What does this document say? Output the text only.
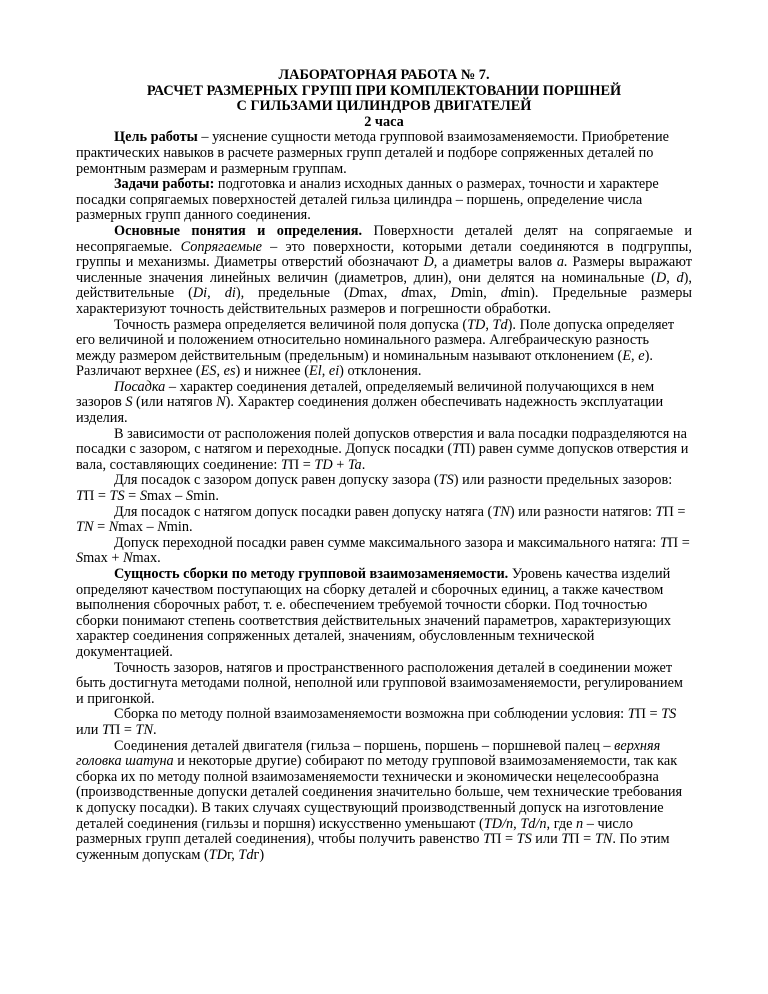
ЛАБОРАТОРНАЯ РАБОТА № 7.
РАСЧЕТ РАЗМЕРНЫХ ГРУПП ПРИ КОМПЛЕКТОВАНИИ ПОРШНЕЙ
С ГИЛЬЗАМИ ЦИЛИНДРОВ ДВИГАТЕЛЕЙ
2 часа

Цель работы – уяснение сущности метода групповой взаимозаменяемости. Приобретение практических навыков в расчете размерных групп деталей и подборе сопряженных деталей по ремонтным размерам и размерным группам.

Задачи работы: подготовка и анализ исходных данных о размерах, точности и характере посадки сопрягаемых поверхностей деталей гильза цилиндра – поршень, определение числа размерных групп данного соединения.

Основные понятия и определения. Поверхности деталей делят на сопрягаемые и несопрягаемые. Сопрягаемые – это поверхности, которыми детали соединяются в подгруппы, группы и механизмы. Диаметры отверстий обозначают D, а диаметры валов a. Размеры выражают численные значения линейных величин (диаметров, длин), они делятся на номинальные (D, d), действительные (Di, di), предельные (Dmax, dmax, Dmin, dmin). Предельные размеры характеризуют точность действительных размеров и погрешности обработки.

Точность размера определяется величиной поля допуска (TD, Td). Поле допуска определяет его величиной и положением относительно номинального размера. Алгебраическую разность между размером действительным (предельным) и номинальным называют отклонением (E, e). Различают верхнее (ES, es) и нижнее (El, ei) отклонения.

Посадка – характер соединения деталей, определяемый величиной получающихся в нем зазоров S (или натягов N). Характер соединения должен обеспечивать надежность эксплуатации изделия.

В зависимости от расположения полей допусков отверстия и вала посадки подразделяются на посадки с зазором, с натягом и переходные. Допуск посадки (TП) равен сумме допусков отверстия и вала, составляющих соединение: TП = TD + Ta.

Для посадок с зазором допуск равен допуску зазора (TS) или разности предельных зазоров: TП = TS = Smax – Smin.

Для посадок с натягом допуск посадки равен допуску натяга (TN) или разности натягов: TП = TN = Nmax – Nmin.

Допуск переходной посадки равен сумме максимального зазора и максимального натяга: TП = Smax + Nmax.

Сущность сборки по методу групповой взаимозаменяемости. Уровень качества изделий определяют качеством поступающих на сборку деталей и сборочных единиц, а также качеством выполнения сборочных работ, т. е. обеспечением требуемой точности сборки. Под точностью сборки понимают степень соответствия действительных значений параметров, характеризующих характер соединения сопряженных деталей, значениям, обусловленным технической документацией.

Точность зазоров, натягов и пространственного расположения деталей в соединении может быть достигнута методами полной, неполной или групповой взаимозаменяемости, регулированием и пригонкой.

Сборка по методу полной взаимозаменяемости возможна при соблюдении условия: TП = TS или TП = TN.

Соединения деталей двигателя (гильза – поршень, поршень – поршневой палец – верхняя головка шатуна и некоторые другие) собирают по методу групповой взаимозаменяемости, так как сборка их по методу полной взаимозаменяемости технически и экономически нецелесообразна (производственные допуски деталей соединения значительно больше, чем технические требования к допуску посадки). В таких случаях существующий производственный допуск на изготовление деталей соединения (гильзы и поршня) искусственно уменьшают (TD/n, Td/n, где n – число размерных групп деталей соединения), чтобы получить равенство TП = TS или TП = TN. По этим суженным допускам (TDг, Tdг)
